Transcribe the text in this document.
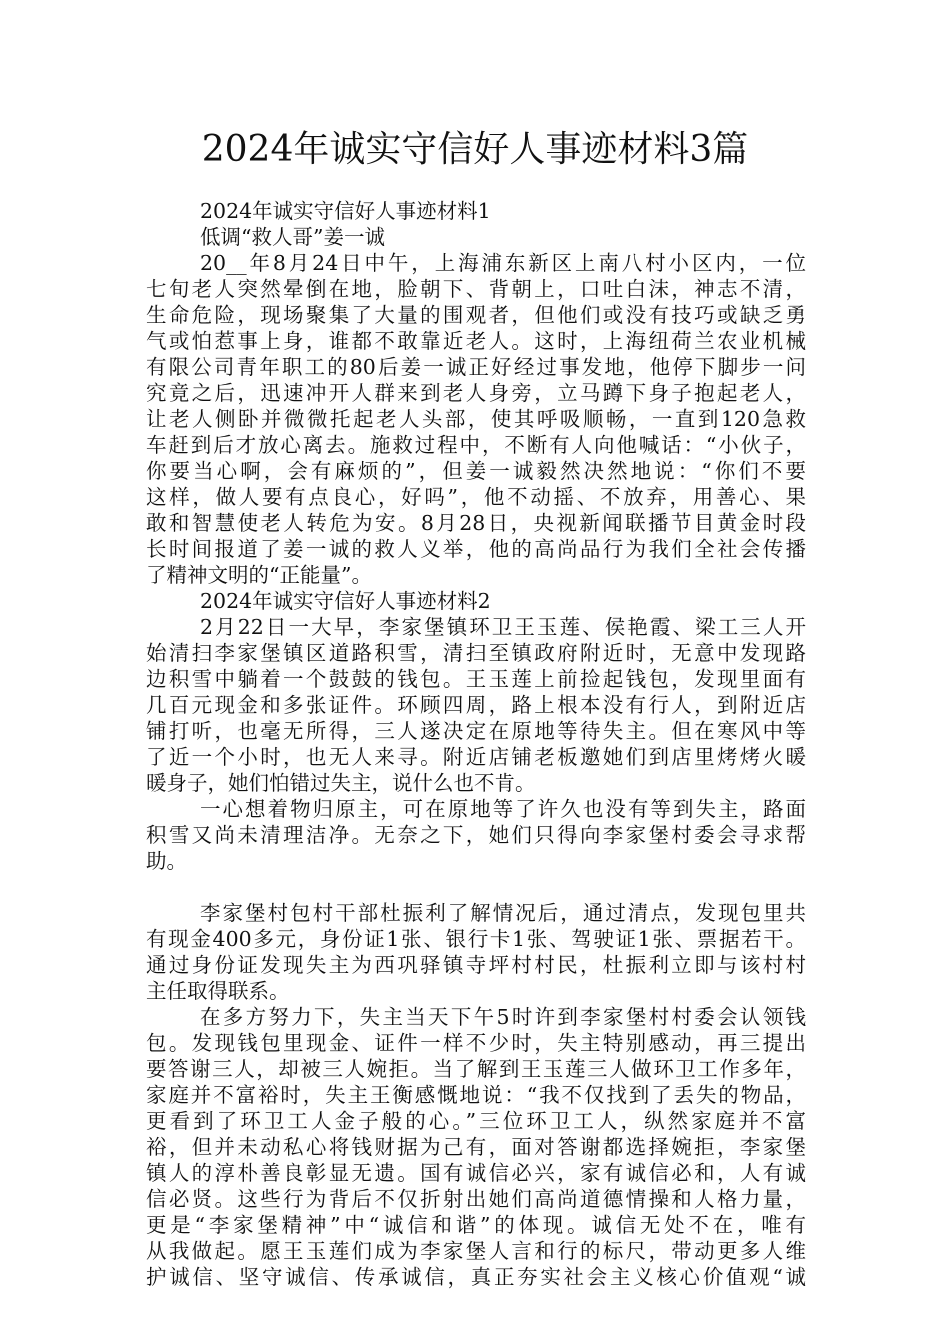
2024年诚实守信好人事迹材料3篇
2024年诚实守信好人事迹材料1
低调“救人哥”姜一诚
20__年8月24日中午，上海浦东新区上南八村小区内，一位
七旬老人突然晕倒在地，脸朝下、背朝上，口吐白沫，神志不清，
生命危险，现场聚集了大量的围观者，但他们或没有技巧或缺乏勇
气或怕惹事上身，谁都不敢靠近老人。这时，上海纽荷兰农业机械
有限公司青年职工的80后姜一诚正好经过事发地，他停下脚步一问
究竟之后，迅速冲开人群来到老人身旁，立马蹲下身子抱起老人，
让老人侧卧并微微托起老人头部，使其呼吸顺畅，一直到120急救
车赶到后才放心离去。施救过程中，不断有人向他喊话：“小伙子，
你要当心啊，会有麻烦的”，但姜一诚毅然决然地说：“你们不要
这样，做人要有点良心，好吗”，他不动摇、不放弃，用善心、果
敢和智慧使老人转危为安。8月28日，央视新闻联播节目黄金时段
长时间报道了姜一诚的救人义举，他的高尚品行为我们全社会传播
了精神文明的“正能量”。
2024年诚实守信好人事迹材料2
2月22日一大早，李家堡镇环卫王玉莲、侯艳霞、梁工三人开
始清扫李家堡镇区道路积雪，清扫至镇政府附近时，无意中发现路
边积雪中躺着一个鼓鼓的钱包。王玉莲上前捡起钱包，发现里面有
几百元现金和多张证件。环顾四周，路上根本没有行人，到附近店
铺打听，也毫无所得，三人遂决定在原地等待失主。但在寒风中等
了近一个小时，也无人来寻。附近店铺老板邀她们到店里烤烤火暖
暖身子，她们怕错过失主，说什么也不肯。
一心想着物归原主，可在原地等了许久也没有等到失主，路面
积雪又尚未清理洁净。无奈之下，她们只得向李家堡村委会寻求帮
助。
李家堡村包村干部杜振利了解情况后，通过清点，发现包里共
有现金400多元，身份证1张、银行卡1张、驾驶证1张、票据若干。
通过身份证发现失主为西巩驿镇寺坪村村民，杜振利立即与该村村
主任取得联系。
在多方努力下，失主当天下午5时许到李家堡村村委会认领钱
包。发现钱包里现金、证件一样不少时，失主特别感动，再三提出
要答谢三人，却被三人婉拒。当了解到王玉莲三人做环卫工作多年，
家庭并不富裕时，失主王衡感慨地说：“我不仅找到了丢失的物品，
更看到了环卫工人金子般的心。”三位环卫工人，纵然家庭并不富
裕，但并未动私心将钱财据为己有，面对答谢都选择婉拒，李家堡
镇人的淳朴善良彰显无遗。国有诚信必兴，家有诚信必和，人有诚
信必贤。这些行为背后不仅折射出她们高尚道德情操和人格力量，
更是“李家堡精神”中“诚信和谐”的体现。诚信无处不在，唯有
从我做起。愿王玉莲们成为李家堡人言和行的标尺，带动更多人维
护诚信、坚守诚信、传承诚信，真正夯实社会主义核心价值观“诚
